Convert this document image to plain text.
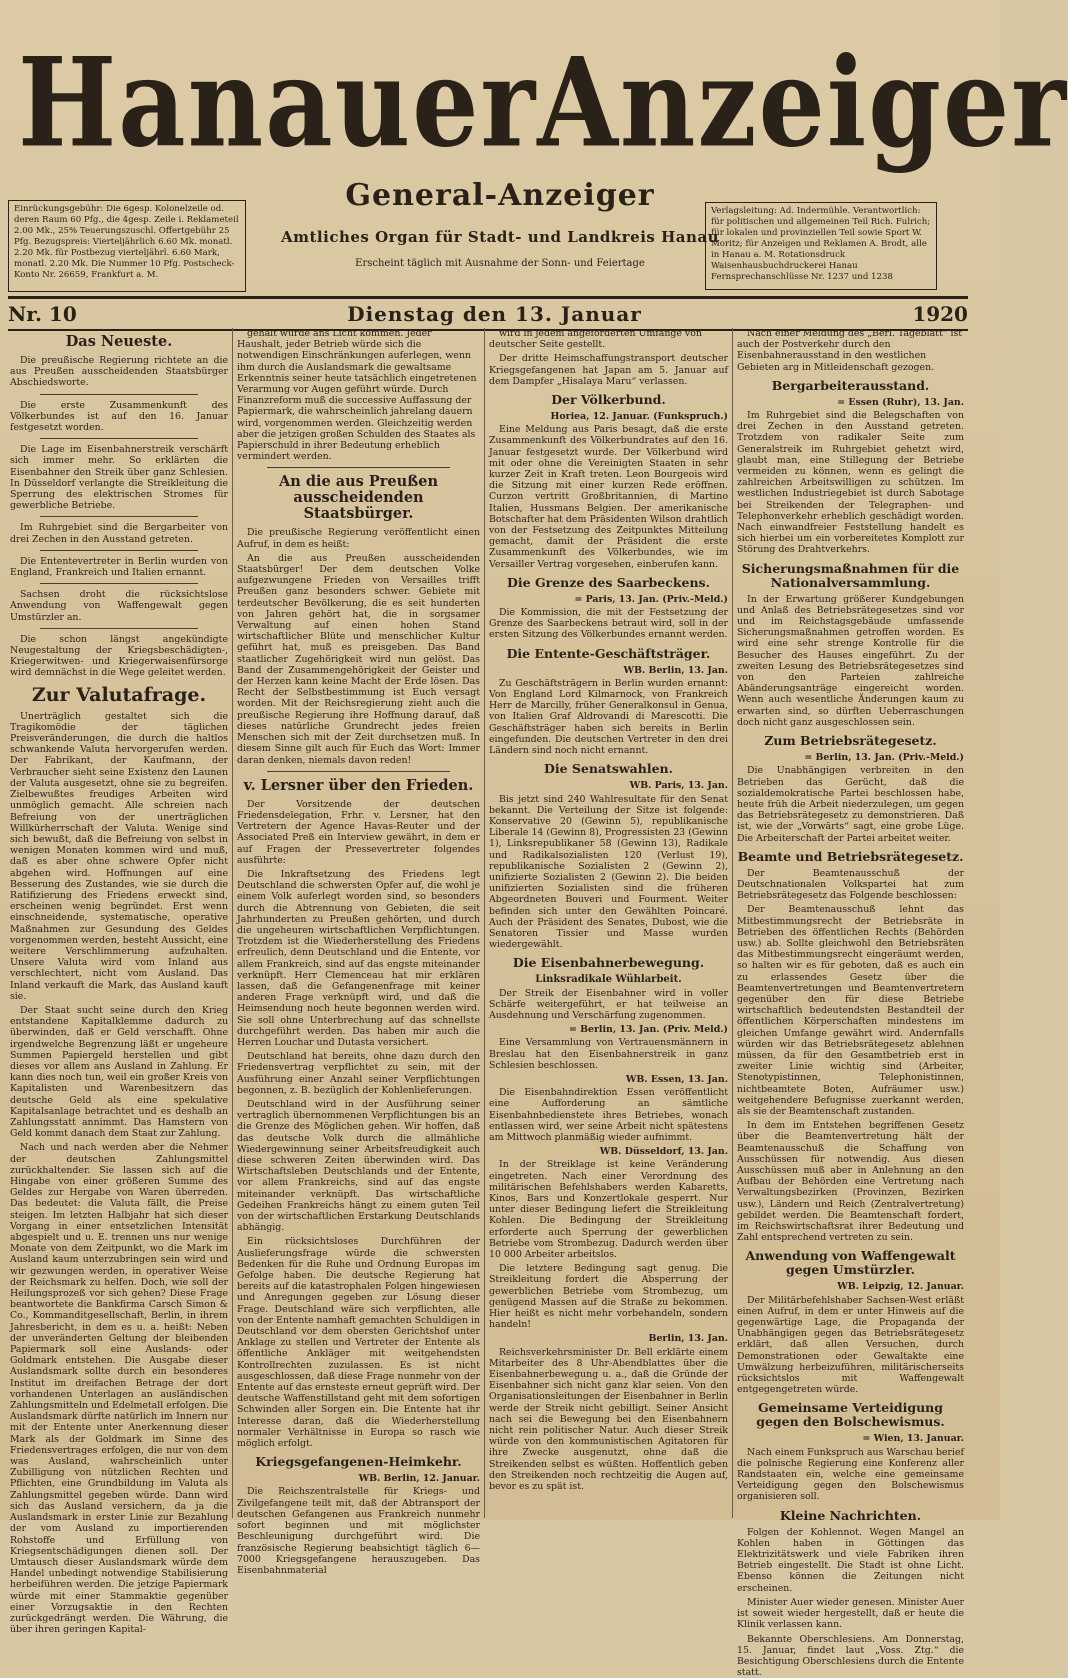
Hanauer Anzeiger
Einrückungsgebühr: Die 6gesp. Kolonelzeile od. deren Raum 60 Pfg., die 4gesp. Zeile i. Reklameteil 2.00 Mk., 25% Teuerungszuschl. Offertgebühr 25 Pfg. Bezugspreis: Vierteljährlich 6.60 Mk. monatl. 2.20 Mk. für Postbezug vierteljährl. 6.60 Mark, monatl. 2.20 Mk. Die Nummer 10 Pfg. Postscheck-Konto Nr. 26659, Frankfurt a. M.
General-Anzeiger	Verlagsleitung: Ad. Indermühle. Verantwortlich: für politischen und allgemeinen Teil Rich. Fulrich; für lokalen und provinziellen Teil sowie Sport W. Moritz; für Anzeigen und Reklamen A. Brodt, alle in Hanau a. M. Rotationsdruck Waisenhausbuchdruckerei Hanau Fernsprechanschlüsse Nr. 1237 und 1238
Amtliches Organ für Stadt- und Landkreis Hanau
Erscheint täglich mit Ausnahme der Sonn- und Feiertage
Nr. 10	Dienstag den 13. Januar	1920
Das Neueste.

Die preußische Regierung richtete an die aus Preußen ausscheidenden Staatsbürger Abschiedsworte.

Die erste Zusammenkunft des Völkerbundes ist auf den 16. Januar festgesetzt worden.

Die Lage im Eisenbahnerstreik verschärft sich immer mehr. So erklärten die Eisenbahner den Streik über ganz Schlesien. In Düsseldorf verlangte die Streikleitung die Sperrung des elektrischen Stromes für gewerbliche Betriebe.

Im Ruhrgebiet sind die Bergarbeiter von drei Zechen in den Ausstand getreten.

Die Ententevertreter in Berlin wurden von England, Frankreich und Italien ernannt.

Sachsen droht die rücksichtslose Anwendung von Waffengewalt gegen Umstürzler an.

Die schon längst angekündigte Neugestaltung der Kriegsbeschädigten-, Kriegerwitwen- und Kriegerwaisenfürsorge wird demnächst in die Wege geleitet werden.

Zur Valutafrage.

Unerträglich gestaltet sich die Tragikomödie der täglichen Preisveränderungen, die durch die haltlos schwankende Valuta hervorgerufen werden. Der Fabrikant, der Kaufmann, der Verbraucher sieht seine Existenz den Launen der Valuta ausgesetzt, ohne sie zu begreifen. Zielbewußtes freudiges Arbeiten wird unmöglich gemacht. Alle schreien nach Befreiung von der unerträglichen Willkürherrschaft der Valuta. Wenige sind sich bewußt, daß die Befreiung von selbst in wenigen Monaten kommen wird und muß, daß es aber ohne schwere Opfer nicht abgehen wird. Hoffnungen auf eine Besserung des Zustandes, wie sie durch die Ratifizierung des Friedens erweckt sind, erscheinen wenig begründet. Erst wenn einschneidende, systematische, operative Maßnahmen zur Gesundung des Geldes vorgenommen werden, besteht Aussicht, eine weitere Verschlimmerung aufzuhalten. Unsere Valuta wird vom Inland aus verschlechtert, nicht vom Ausland. Das Inland verkauft die Mark, das Ausland kauft sie.

Der Staat sucht seine durch den Krieg entstandene Kapitalklemme dadurch zu überwinden, daß er Geld verschafft. Ohne irgendwelche Begrenzung läßt er ungeheure Summen Papiergeld herstellen und gibt dieses vor allem ans Ausland in Zahlung. Er kann dies noch tun, weil ein großer Kreis von Kapitalisten und Warenbesitzern das deutsche Geld als eine spekulative Kapitalsanlage betrachtet und es deshalb an Zahlungsstatt annimmt. Das Hamstern von Geld kommt danach dem Staat zur Zahlung.

Nach und nach werden aber die Nehmer der deutschen Zahlungsmittel zurückhaltender. Sie lassen sich auf die Hingabe von einer größeren Summe des Geldes zur Hergabe von Waren überreden. Das bedeutet: die Valuta fällt, die Preise steigen. Im letzten Halbjahr hat sich dieser Vorgang in einer entsetzlichen Intensität abgespielt und u. E. trennen uns nur wenige Monate von dem Zeitpunkt, wo die Mark im Ausland kaum unterzubringen sein wird und wir gezwungen werden, in operativer Weise der Reichsmark zu helfen. Doch, wie soll der Heilungsprozeß vor sich gehen? Diese Frage beantwortete die Bankfirma Carsch Simon & Co., Kommanditgesellschaft, Berlin, in ihrem Jahresbericht, in dem es u. a. heißt: Neben der unveränderten Geltung der bleibenden Papiermark soll eine Auslands- oder Goldmark entstehen. Die Ausgabe dieser Auslandsmark sollte durch ein besonderes Institut im dreifachen Betrage der dort vorhandenen Unterlagen an ausländischen Zahlungsmitteln und Edelmetall erfolgen. Die Auslandsmark dürfte natürlich im Innern nur mit der Entente unter Anerkennung dieser Mark als der Goldmark im Sinne des Friedensvertrages erfolgen, die nur von dem was Ausland, wahrscheinlich unter Zubilligung von nützlichen Rechten und Pflichten, eine Grundbildung im Valuta als Zahlungsmittel gegeben würde. Dann wird sich das Ausland versichern, da ja die Auslandsmark in erster Linie zur Bezahlung der vom Ausland zu importierenden Rohstoffe und Erfüllung von Kriegsentschädigungen dienen soll. Der Umtausch dieser Auslandsmark würde dem Handel unbedingt notwendige Stabilisierung herbeiführen werden. Die jetzige Papiermark würde mit einer Stammaktie gegenüber einer Vorzugsaktie in den Rechten zurückgedrängt werden. Die Währung, die über ihren geringen Kapital-

gehalt würde ans Licht kommen. Jeder Haushalt, jeder Betrieb würde sich die notwendigen Einschränkungen auferlegen, wenn ihm durch die Auslandsmark die gewaltsame Erkenntnis seiner heute tatsächlich eingetretenen Verarmung vor Augen geführt würde. Durch Finanzreform muß die successive Auffassung der Papiermark, die wahrscheinlich jahrelang dauern wird, vorgenommen werden. Gleichzeitig werden aber die jetzigen großen Schulden des Staates als Papierschuld in ihrer Bedeutung erheblich vermindert werden.

An die aus Preußen ausscheidenden Staatsbürger.

Die preußische Regierung veröffentlicht einen Aufruf, in dem es heißt:

An die aus Preußen ausscheidenden Staatsbürger! Der dem deutschen Volke aufgezwungene Frieden von Versailles trifft Preußen ganz besonders schwer. Gebiete mit terdeutscher Bevölkerung, die es seit hunderten von Jahren gehört hat, die in sorgsamer Verwaltung auf einen hohen Stand wirtschaftlicher Blüte und menschlicher Kultur geführt hat, muß es preisgeben. Das Band staatlicher Zugehörigkeit wird nun gelöst. Das Band der Zusammengehörigkeit der Geister und der Herzen kann keine Macht der Erde lösen. Das Recht der Selbstbestimmung ist Euch versagt worden. Mit der Reichsregierung zieht auch die preußische Regierung ihre Hoffnung darauf, daß dieses natürliche Grundrecht jedes freien Menschen sich mit der Zeit durchsetzen muß. In diesem Sinne gilt auch für Euch das Wort: Immer daran denken, niemals davon reden!

v. Lersner über den Frieden.

Der Vorsitzende der deutschen Friedensdelegation, Frhr. v. Lersner, hat den Vertretern der Agence Havas-Reuter und der Associated Preß ein Interview gewährt, in dem er auf Fragen der Pressevertreter folgendes ausführte:

Die Inkraftsetzung des Friedens legt Deutschland die schwersten Opfer auf, die wohl je einem Volk auferlegt worden sind, so besonders durch die Abtrennung von Gebieten, die seit Jahrhunderten zu Preußen gehörten, und durch die ungeheuren wirtschaftlichen Verpflichtungen. Trotzdem ist die Wiederherstellung des Friedens erfreulich, denn Deutschland und die Entente, vor allem Frankreich, sind auf das engste miteinander verknüpft. Herr Clemenceau hat mir erklären lassen, daß die Gefangenenfrage mit keiner anderen Frage verknüpft wird, und daß die Heimsendung noch heute begonnen werden wird. Sie soll ohne Unterbrechung auf das schnellste durchgeführt werden. Das haben mir auch die Herren Louchar und Dutasta versichert.

Deutschland hat bereits, ohne dazu durch den Friedensvertrag verpflichtet zu sein, mit der Ausführung einer Anzahl seiner Verpflichtungen begonnen, z. B. bezüglich der Kohlenlieferungen.

Deutschland wird in der Ausführung seiner vertraglich übernommenen Verpflichtungen bis an die Grenze des Möglichen gehen. Wir hoffen, daß das deutsche Volk durch die allmähliche Wiedergewinnung seiner Arbeitsfreudigkeit auch diese schweren Zeiten überwinden wird. Das Wirtschaftsleben Deutschlands und der Entente, vor allem Frankreichs, sind auf das engste miteinander verknüpft. Das wirtschaftliche Gedeihen Frankreichs hängt zu einem guten Teil von der wirtschaftlichen Erstarkung Deutschlands abhängig.

Ein rücksichtsloses Durchführen der Auslieferungsfrage würde die schwersten Bedenken für die Ruhe und Ordnung Europas im Gefolge haben. Die deutsche Regierung hat bereits auf die katastrophalen Folgen hingewiesen und Anregungen gegeben zur Lösung dieser Frage. Deutschland wäre sich verpflichten, alle von der Entente namhaft gemachten Schuldigen in Deutschland vor dem obersten Gerichtshof unter Anklage zu stellen und Vertreter der Entente als öffentliche Ankläger mit weitgehendsten Kontrollrechten zuzulassen. Es ist nicht ausgeschlossen, daß diese Frage nunmehr von der Entente auf das ernsteste erneut geprüft wird. Der deutsche Waffenstillstand geht mit dem sofortigen Schwinden aller Sorgen ein. Die Entente hat ihr Interesse daran, daß die Wiederherstellung normaler Verhältnisse in Europa so rasch wie möglich erfolgt.

Kriegsgefangenen-Heimkehr.
WB. Berlin, 12. Januar.

Die Reichszentralstelle für Kriegs- und Zivilgefangene teilt mit, daß der Abtransport der deutschen Gefangenen aus Frankreich nunmehr sofort beginnen und mit möglichster Beschleunigung durchgeführt wird. Die französische Regierung beabsichtigt täglich 6—7000 Kriegsgefangene herauszugeben. Das Eisenbahnmaterial

wird in jedem angeforderten Umfange von deutscher Seite gestellt.

Der dritte Heimschaffungstransport deutscher Kriegsgefangenen hat Japan am 5. Januar auf dem Dampfer „Hisalaya Maru“ verlassen.

Der Völkerbund.
Horiea, 12. Januar. (Funkspruch.)

Eine Meldung aus Paris besagt, daß die erste Zusammenkunft des Völkerbundrates auf den 16. Januar festgesetzt wurde. Der Völkerbund wird mit oder ohne die Vereinigten Staaten in sehr kurzer Zeit in Kraft treten. Leon Bourgeois wird die Sitzung mit einer kurzen Rede eröffnen. Curzon vertritt Großbritannien, di Martino Italien, Hussmans Belgien. Der amerikanische Botschafter hat dem Präsidenten Wilson drahtlich von der Festsetzung des Zeitpunktes Mitteilung gemacht, damit der Präsident die erste Zusammenkunft des Völkerbundes, wie im Versailler Vertrag vorgesehen, einberufen kann.

Die Grenze des Saarbeckens.
= Paris, 13. Jan. (Priv.-Meld.)

Die Kommission, die mit der Festsetzung der Grenze des Saarbeckens betraut wird, soll in der ersten Sitzung des Völkerbundes ernannt werden.

Die Entente-Geschäftsträger.
WB. Berlin, 13. Jan.

Zu Geschäftsträgern in Berlin wurden ernannt: Von England Lord Kilmarnock, von Frankreich Herr de Marcilly, früher Generalkonsul in Genua, von Italien Graf Aldrovandi di Marescotti. Die Geschäftsträger haben sich bereits in Berlin eingefunden. Die deutschen Vertreter in den drei Ländern sind noch nicht ernannt.

Die Senatswahlen.
WB. Paris, 13. Jan.

Bis jetzt sind 240 Wahlresultate für den Senat bekannt. Die Verteilung der Sitze ist folgende: Konservative 20 (Gewinn 5), republikanische Liberale 14 (Gewinn 8), Progressisten 23 (Gewinn 1), Linksrepublikaner 58 (Gewinn 13), Radikale und Radikalsozialisten 120 (Verlust 19), republikanische Sozialisten 2 (Gewinn 2), unifizierte Sozialisten 2 (Gewinn 2). Die beiden unifizierten Sozialisten sind die früheren Abgeordneten Bouveri und Fourment. Weiter befinden sich unter den Gewählten Poincaré. Auch der Präsident des Senates, Dubost, wie die Senatoren Tissier und Masse wurden wiedergewählt.

Die Eisenbahnerbewegung.
Linksradikale Wühlarbeit.

Der Streik der Eisenbahner wird in voller Schärfe weitergeführt, er hat teilweise an Ausdehnung und Verschärfung zugenommen.

= Berlin, 13. Jan. (Priv. Meld.)

Eine Versammlung von Vertrauensmännern in Breslau hat den Eisenbahnerstreik in ganz Schlesien beschlossen.

WB. Essen, 13. Jan.

Die Eisenbahndirektion Essen veröffentlicht eine Aufforderung an sämtliche Eisenbahnbedienstete ihres Betriebes, wonach entlassen wird, wer seine Arbeit nicht spätestens am Mittwoch planmäßig wieder aufnimmt.

WB. Düsseldorf, 13. Jan.

In der Streiklage ist keine Veränderung eingetreten. Nach einer Verordnung des militärischen Befehlshabers werden Kabaretts, Kinos, Bars und Konzertlokale gesperrt. Nur unter dieser Bedingung liefert die Streikleitung Kohlen. Die Bedingung der Streikleitung erforderte auch Sperrung der gewerblichen Betriebe vom Strombezug. Dadurch werden über 10 000 Arbeiter arbeitslos.

Die letztere Bedingung sagt genug. Die Streikleitung fordert die Absperrung der gewerblichen Betriebe vom Strombezug, um genügend Massen auf die Straße zu bekommen. Hier heißt es nicht mehr vorbehandeln, sondern handeln!

Berlin, 13. Jan.

Reichsverkehrsminister Dr. Bell erklärte einem Mitarbeiter des 8 Uhr-Abendblattes über die Eisenbahnerbewegung u. a., daß die Gründe der Eisenbahner sich nicht ganz klar seien. Von den Organisationsleitungen der Eisenbahner in Berlin werde der Streik nicht gebilligt. Seiner Ansicht nach sei die Bewegung bei den Eisenbahnern nicht rein politischer Natur. Auch dieser Streik würde von den kommunistischen Agitatoren für ihre Zwecke ausgenutzt, ohne daß die Streikenden selbst es wüßten. Hoffentlich geben den Streikenden noch rechtzeitig die Augen auf, bevor es zu spät ist.

Nach einer Meldung des „Berl. Tageblatt“ ist auch der Postverkehr durch den Eisenbahnerausstand in den westlichen Gebieten arg in Mitleidenschaft gezogen.

Bergarbeiterausstand.
= Essen (Ruhr), 13. Jan.

Im Ruhrgebiet sind die Belegschaften von drei Zechen in den Ausstand getreten. Trotzdem von radikaler Seite zum Generalstreik im Ruhrgebiet gehetzt wird, glaubt man, eine Stillegung der Betriebe vermeiden zu können, wenn es gelingt die zahlreichen Arbeitswilligen zu schützen. Im westlichen Industriegebiet ist durch Sabotage bei Streikenden der Telegraphen- und Telephonverkehr erheblich geschädigt worden. Nach einwandfreier Feststellung handelt es sich hierbei um ein vorbereitetes Komplott zur Störung des Drahtverkehrs.

Sicherungsmaßnahmen für die Nationalversammlung.

In der Erwartung größerer Kundgebungen und Anlaß des Betriebsrätegesetzes sind vor und im Reichstagsgebäude umfassende Sicherungsmaßnahmen getroffen worden. Es wird eine sehr strenge Kontrolle für die Besucher des Hauses eingeführt. Zu der zweiten Lesung des Betriebsrätegesetzes sind von den Parteien zahlreiche Abänderungsanträge eingereicht worden. Wenn auch wesentliche Änderungen kaum zu erwarten sind, so dürften Ueberraschungen doch nicht ganz ausgeschlossen sein.

Zum Betriebsrätegesetz.
= Berlin, 13. Jan. (Priv.-Meld.)

Die Unabhängigen verbreiten in den Betrieben das Gerücht, daß die sozialdemokratische Partei beschlossen habe, heute früh die Arbeit niederzulegen, um gegen das Betriebsrätegesetz zu demonstrieren. Daß ist, wie der „Vorwärts“ sagt, eine grobe Lüge. Die Arbeiterschaft der Partei arbeitet weiter.

Beamte und Betriebsrätegesetz.

Der Beamtenausschuß der Deutschnationalen Volkspartei hat zum Betriebsrätegesetz das Folgende beschlossen:

Der Beamtenausschuß lehnt das Mitbestimmungsrecht der Betriebsräte in Betrieben des öffentlichen Rechts (Behörden usw.) ab. Sollte gleichwohl den Betriebsräten das Mitbestimmungsrecht eingeräumt werden, so halten wir es für geboten, daß es auch ein zu erlassendes Gesetz über die Beamtenvertretungen und Beamtenvertretern gegenüber den für diese Betriebe wirtschaftlich bedeutendsten Bestandteil der öffentlichen Körperschaften mindestens im gleichen Umfange gewährt wird. Andernfalls würden wir das Betriebsrätegesetz ablehnen müssen, da für den Gesamtbetrieb erst in zweiter Linie wichtig sind (Arbeiter, Stenotypistinnen, Telephonistinnen, nichtbeamtete Boten, Aufräumer usw.) weitgehendere Befugnisse zuerkannt werden, als sie der Beamtenschaft zustanden.

In dem im Entstehen begriffenen Gesetz über die Beamtenvertretung hält der Beamtenausschuß die Schaffung von Ausschüssen für notwendig. Aus diesen Ausschüssen muß aber in Anlehnung an den Aufbau der Behörden eine Vertretung nach Verwaltungsbezirken (Provinzen, Bezirken usw.), Ländern und Reich (Zentralvertretung) gebildet werden. Die Beamtenschaft fordert, im Reichswirtschaftsrat ihrer Bedeutung und Zahl entsprechend vertreten zu sein.

Anwendung von Waffengewalt gegen Umstürzler.
WB. Leipzig, 12. Januar.

Der Militärbefehlshaber Sachsen-West erläßt einen Aufruf, in dem er unter Hinweis auf die gegenwärtige Lage, die Propaganda der Unabhängigen gegen das Betriebsrätegesetz erklärt, daß allen Versuchen, durch Demonstrationen oder Gewaltakte eine Umwälzung herbeizuführen, militärischerseits rücksichtslos mit Waffengewalt entgegengetreten würde.

Gemeinsame Verteidigung gegen den Bolschewismus.
= Wien, 13. Januar.

Nach einem Funkspruch aus Warschau berief die polnische Regierung eine Konferenz aller Randstaaten ein, welche eine gemeinsame Verteidigung gegen den Bolschewismus organisieren soll.

Kleine Nachrichten.

Folgen der Kohlennot. Wegen Mangel an Kohlen haben in Göttingen das Elektrizitätswerk und viele Fabriken ihren Betrieb eingestellt. Die Stadt ist ohne Licht. Ebenso können die Zeitungen nicht erscheinen.

Minister Auer wieder genesen. Minister Auer ist soweit wieder hergestellt, daß er heute die Klinik verlassen kann.

Bekannte Oberschlesiens. Am Donnerstag, 15. Januar, findet laut „Voss. Ztg.“ die Besichtigung Oberschlesiens durch die Entente statt.
